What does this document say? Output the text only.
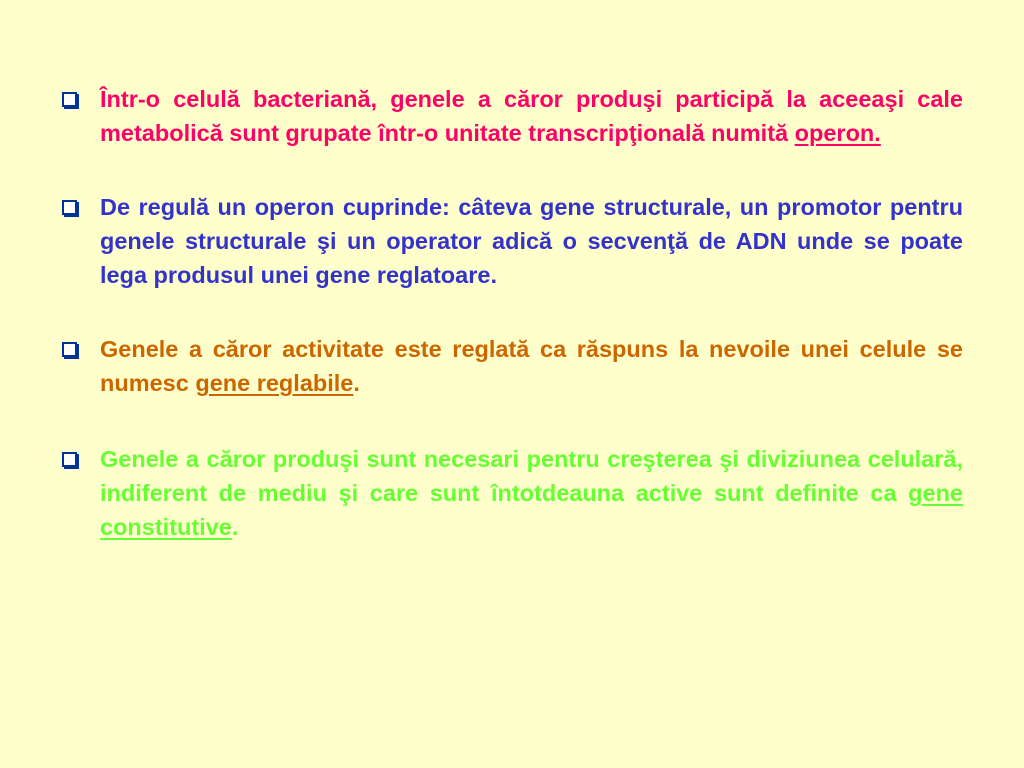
Într-o celulă bacteriană, genele a căror produşi participă la aceeaşi cale metabolică sunt grupate într-o unitate transcripţională numită operon.
De regulă un operon cuprinde: câteva gene structurale, un promotor pentru genele structurale şi un operator adică o secvenţă de ADN unde se poate lega produsul unei gene reglatoare.
Genele a căror activitate este reglată ca răspuns la nevoile unei celule se numesc gene reglabile.
Genele a căror produşi sunt necesari pentru creşterea şi diviziunea celulară, indiferent de mediu şi care sunt întotdeauna active sunt definite ca gene constitutive.
